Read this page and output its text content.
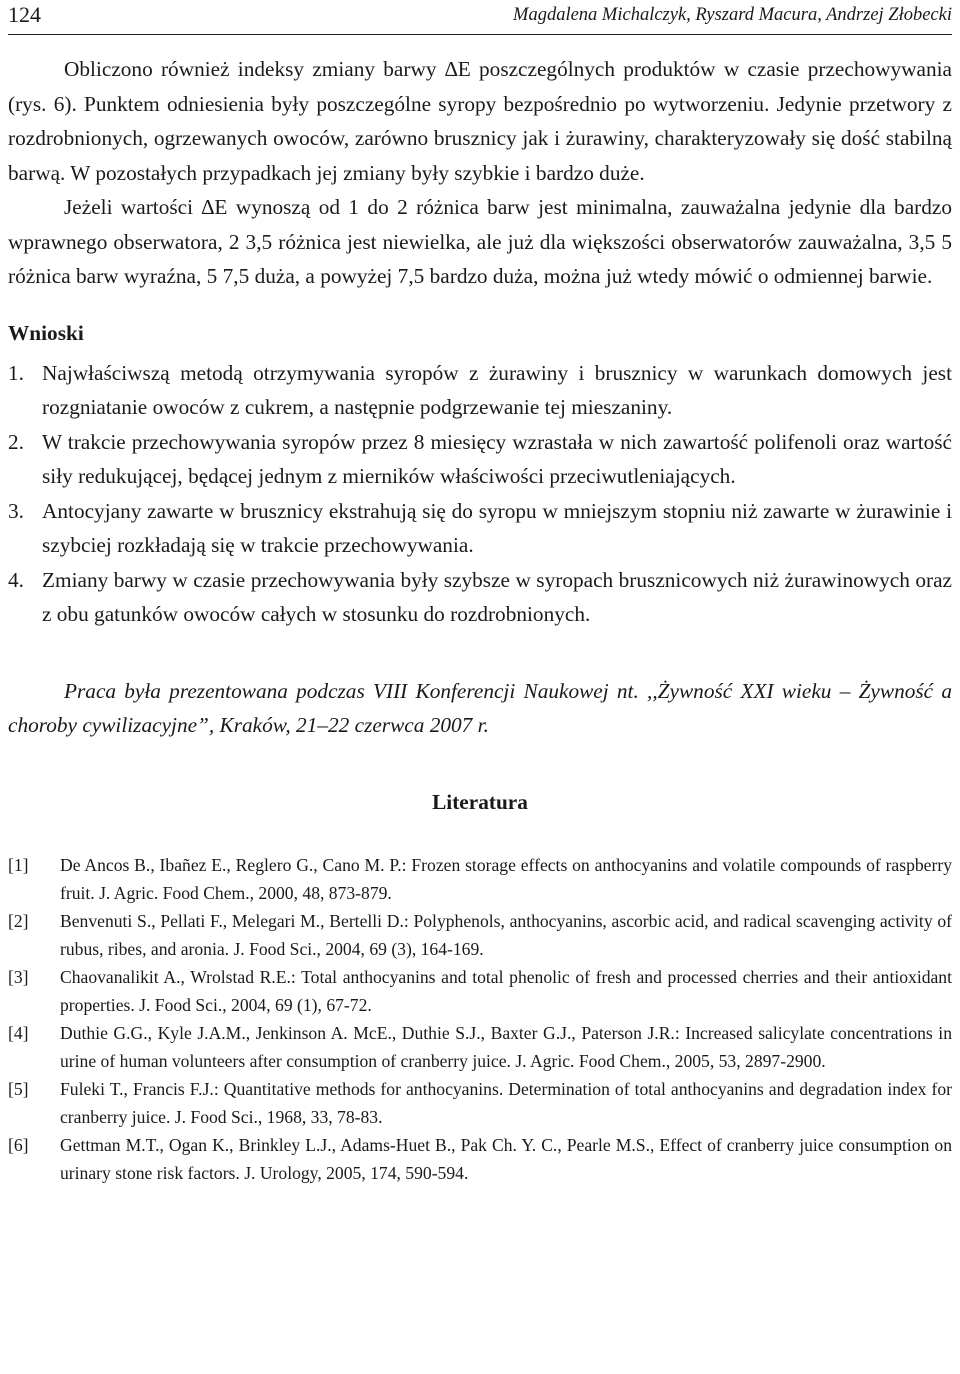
124	Magdalena Michalczyk, Ryszard Macura, Andrzej Złobecki

Obliczono również indeksy zmiany barwy ∆E poszczególnych produktów w czasie przechowywania (rys. 6). Punktem odniesienia były poszczególne syropy bezpośrednio po wytworzeniu. Jedynie przetwory z rozdrobnionych, ogrzewanych owoców, zarówno brusznicy jak i żurawiny, charakteryzowały się dość stabilną barwą. W pozostałych przypadkach jej zmiany były szybkie i bardzo duże.

Jeżeli wartości ∆E wynoszą od 1 do 2 różnica barw jest minimalna, zauważalna jedynie dla bardzo wprawnego obserwatora, 2 3,5 różnica jest niewielka, ale już dla większości obserwatorów zauważalna, 3,5 5 różnica barw wyraźna, 5 7,5 duża, a powyżej 7,5 bardzo duża, można już wtedy mówić o odmiennej barwie.

Wnioski
1. Najwłaściwszą metodą otrzymywania syropów z żurawiny i brusznicy w warunkach domowych jest rozgniatanie owoców z cukrem, a następnie podgrzewanie tej mieszaniny.
2. W trakcie przechowywania syropów przez 8 miesięcy wzrastała w nich zawartość polifenoli oraz wartość siły redukującej, będącej jednym z mierników właściwości przeciwutleniających.
3. Antocyjany zawarte w brusznicy ekstrahują się do syropu w mniejszym stopniu niż zawarte w żurawinie i szybciej rozkładają się w trakcie przechowywania.
4. Zmiany barwy w czasie przechowywania były szybsze w syropach brusznicowych niż żurawinowych oraz z obu gatunków owoców całych w stosunku do rozdrobnionych.

Praca była prezentowana podczas VIII Konferencji Naukowej nt. ,,Żywność XXI wieku – Żywność a choroby cywilizacyjne”, Kraków, 21–22 czerwca 2007 r.

Literatura
[1]	De Ancos B., Ibañez E., Reglero G., Cano M. P.: Frozen storage effects on anthocyanins and volatile compounds of raspberry fruit. J. Agric. Food Chem., 2000, 48, 873-879.
[2]	Benvenuti S., Pellati F., Melegari M., Bertelli D.: Polyphenols, anthocyanins, ascorbic acid, and radical scavenging activity of rubus, ribes, and aronia. J. Food Sci., 2004, 69 (3), 164-169.
[3]	Chaovanalikit A., Wrolstad R.E.: Total anthocyanins and total phenolic of fresh and processed cherries and their antioxidant properties. J. Food Sci., 2004, 69 (1), 67-72.
[4]	Duthie G.G., Kyle J.A.M., Jenkinson A. McE., Duthie S.J., Baxter G.J., Paterson J.R.: Increased salicylate concentrations in urine of human volunteers after consumption of cranberry juice. J. Agric. Food Chem., 2005, 53, 2897-2900.
[5]	Fuleki T., Francis F.J.: Quantitative methods for anthocyanins. Determination of total anthocyanins and degradation index for cranberry juice. J. Food Sci., 1968, 33, 78-83.
[6]	Gettman M.T., Ogan K., Brinkley L.J., Adams-Huet B., Pak Ch. Y. C., Pearle M.S., Effect of cranberry juice consumption on urinary stone risk factors. J. Urology, 2005, 174, 590-594.
